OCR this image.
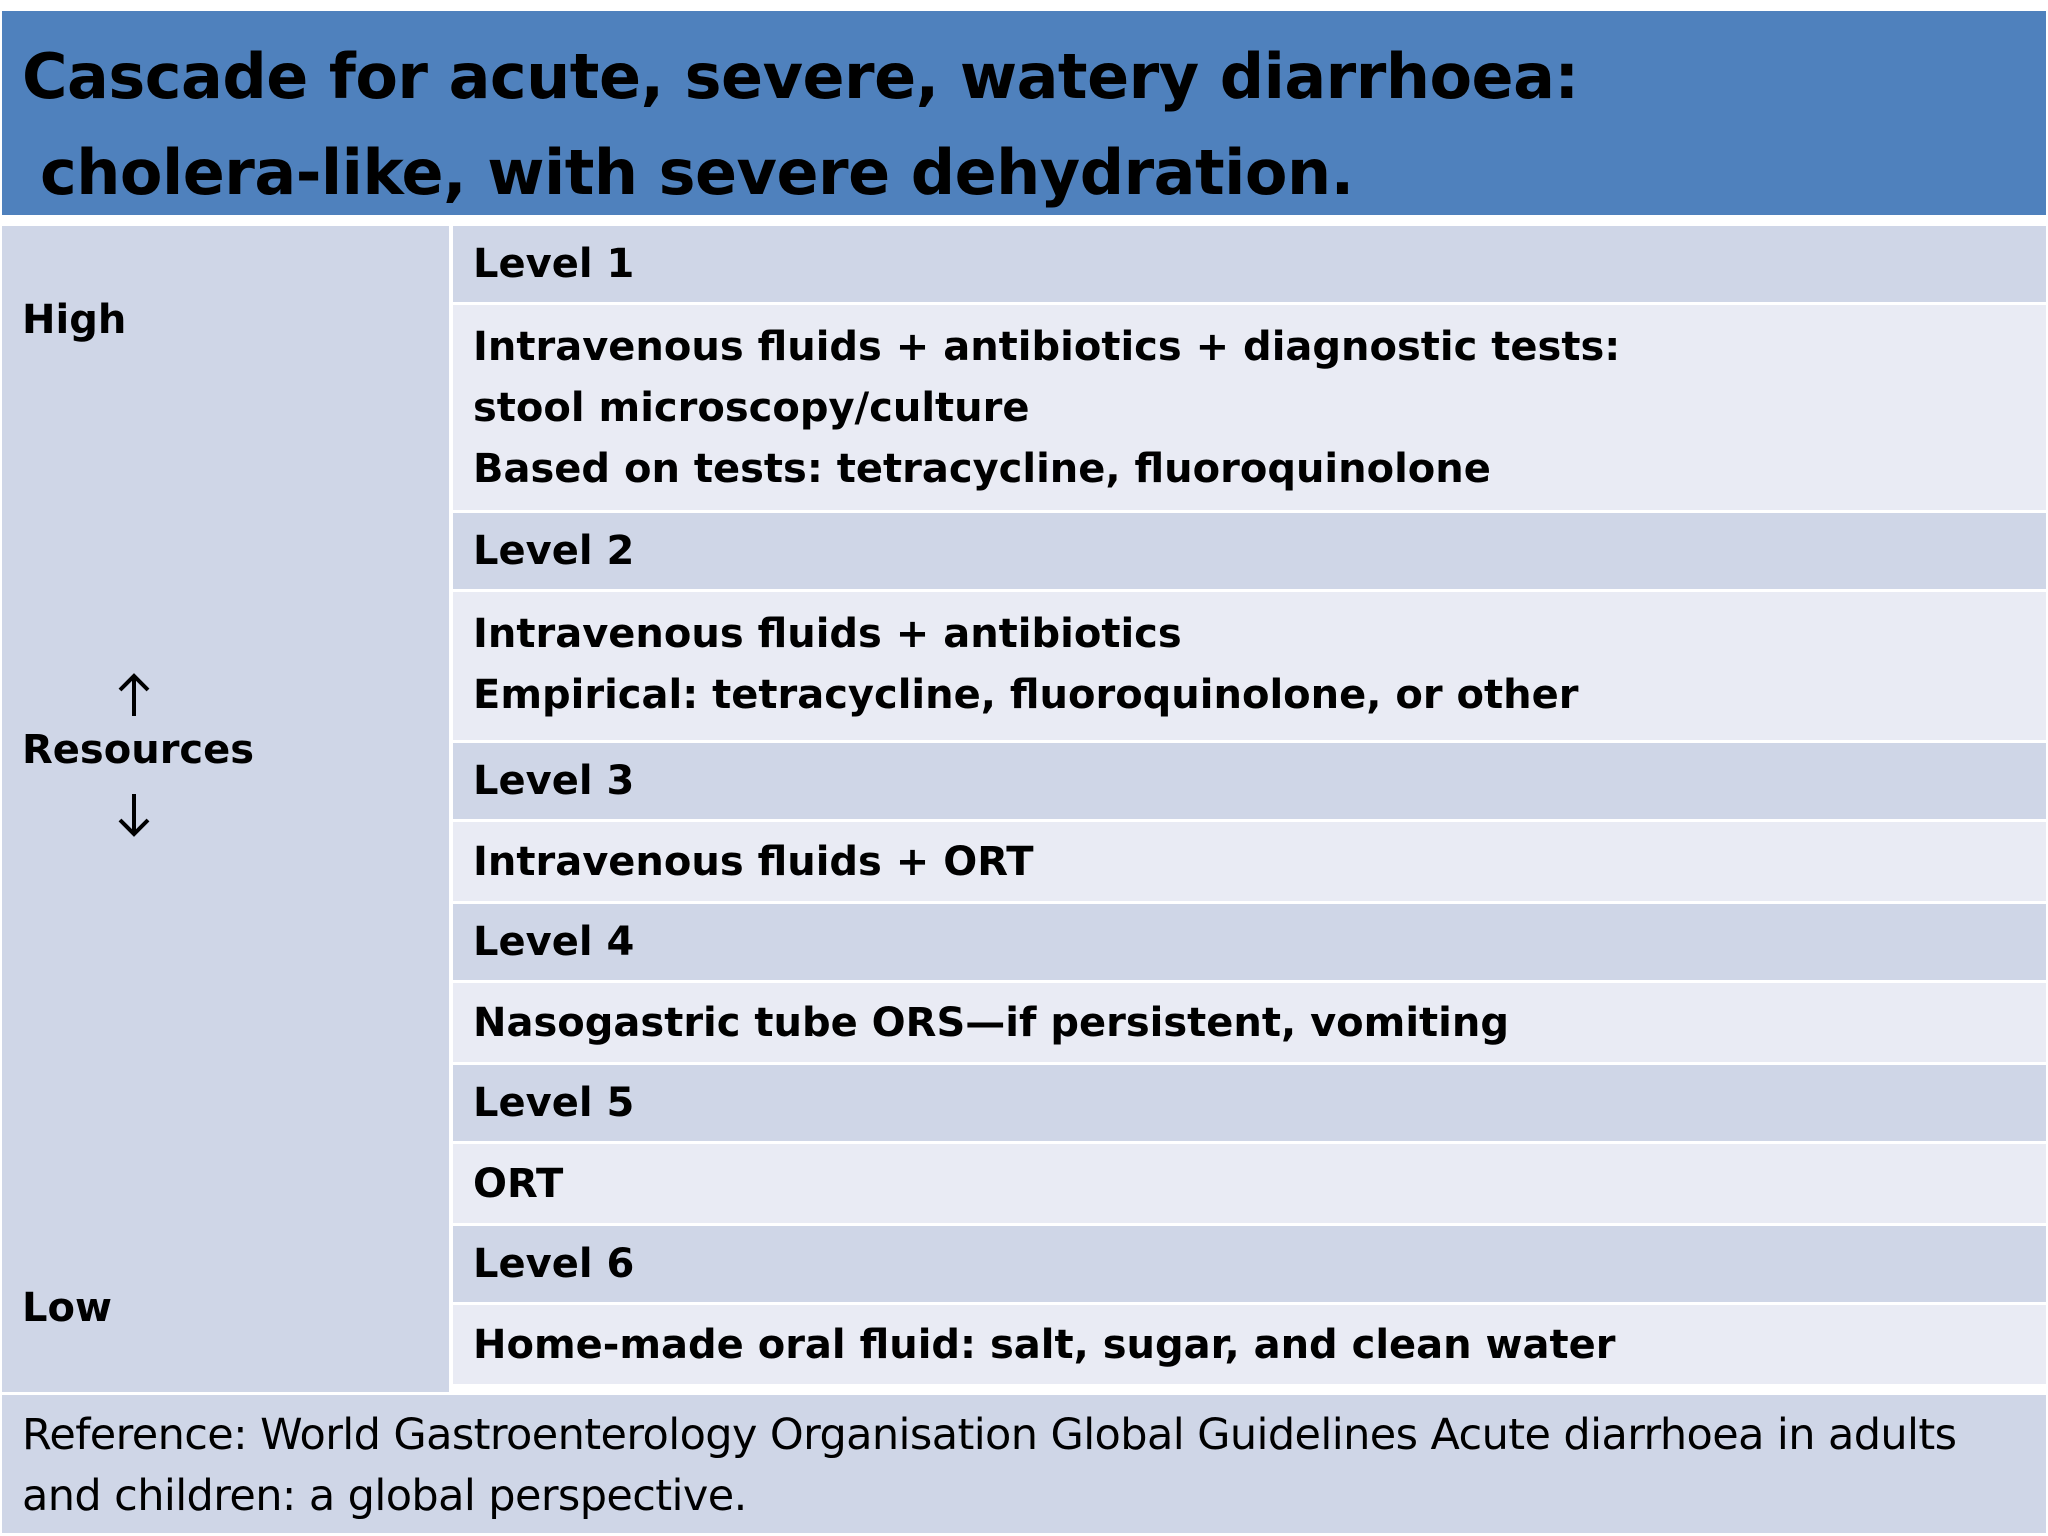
Cascade for acute, severe, watery diarrhoea:
cholera-like, with severe dehydration.
High
Resources
Low
Level 1
Intravenous fluids + antibiotics + diagnostic tests:
stool microscopy/culture
Based on tests: tetracycline, fluoroquinolone
Level 2
Intravenous fluids + antibiotics
Empirical: tetracycline, fluoroquinolone, or other
Level 3
Intravenous fluids + ORT
Level 4
Nasogastric tube ORS—if persistent, vomiting
Level 5
ORT
Level 6
Home-made oral fluid: salt, sugar, and clean water
Reference: World Gastroenterology Organisation Global Guidelines Acute diarrhoea in adults
and children: a global perspective.
